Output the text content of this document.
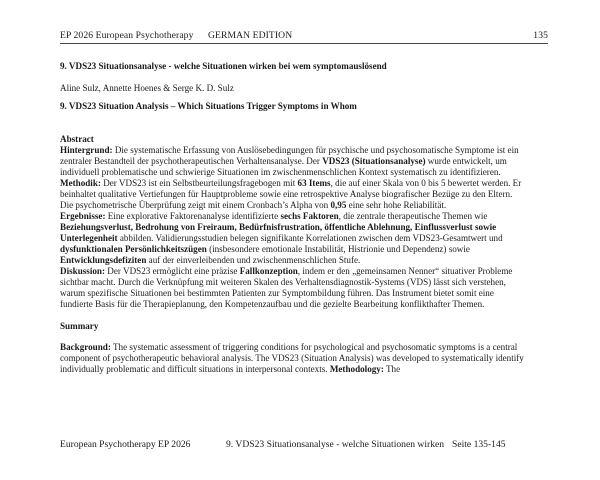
EP 2026 European Psychotherapy GERMAN EDITION	135

9. VDS23 Situationsanalyse - welche Situationen wirken bei wem symptomauslösend

Aline Sulz, Annette Hoenes & Serge K. D. Sulz

9. VDS23 Situation Analysis – Which Situations Trigger Symptoms in Whom

Abstract

Hintergrund: Die systematische Erfassung von Auslösebedingungen für psychische und psychosomatische Symptome ist ein zentraler Bestandteil der psychotherapeutischen Verhaltensanalyse. Der VDS23 (Situationsanalyse) wurde entwickelt, um individuell problematische und schwierige Situationen im zwischenmenschlichen Kontext systematisch zu identifizieren.

Methodik: Der VDS23 ist ein Selbstbeurteilungsfragebogen mit 63 Items, die auf einer Skala von 0 bis 5 bewertet werden. Er beinhaltet qualitative Vertiefungen für Hauptprobleme sowie eine retrospektive Analyse biografischer Bezüge zu den Eltern. Die psychometrische Überprüfung zeigt mit einem Cronbach’s Alpha von 0,95 eine sehr hohe Reliabilität.

Ergebnisse: Eine explorative Faktorenanalyse identifizierte sechs Faktoren, die zentrale therapeutische Themen wie Beziehungsverlust, Bedrohung von Freiraum, Bedürfnisfrustration, öffentliche Ablehnung, Einflussverlust sowie Unterlegenheit abbilden. Validierungsstudien belegen signifikante Korrelationen zwischen dem VDS23-Gesamtwert und dysfunktionalen Persönlichkeitszügen (insbesondere emotionale Instabilität, Histrionie und Dependenz) sowie Entwicklungsdefiziten auf der einverleibenden und zwischenmenschlichen Stufe.

Diskussion: Der VDS23 ermöglicht eine präzise Fallkonzeption, indem er den „gemeinsamen Nenner“ situativer Probleme sichtbar macht. Durch die Verknüpfung mit weiteren Skalen des Verhaltensdiagnostik-Systems (VDS) lässt sich verstehen, warum spezifische Situationen bei bestimmten Patienten zur Symptombildung führen. Das Instrument bietet somit eine fundierte Basis für die Therapieplanung, den Kompetenzaufbau und die gezielte Bearbeitung konflikthafter Themen.

Summary

Background: The systematic assessment of triggering conditions for psychological and psychosomatic symptoms is a central component of psychotherapeutic behavioral analysis. The VDS23 (Situation Analysis) was developed to systematically identify individually problematic and difficult situations in interpersonal contexts. Methodology: The

European Psychotherapy EP 2026	9. VDS23 Situationsanalyse - welche Situationen wirken Seite 135-145
